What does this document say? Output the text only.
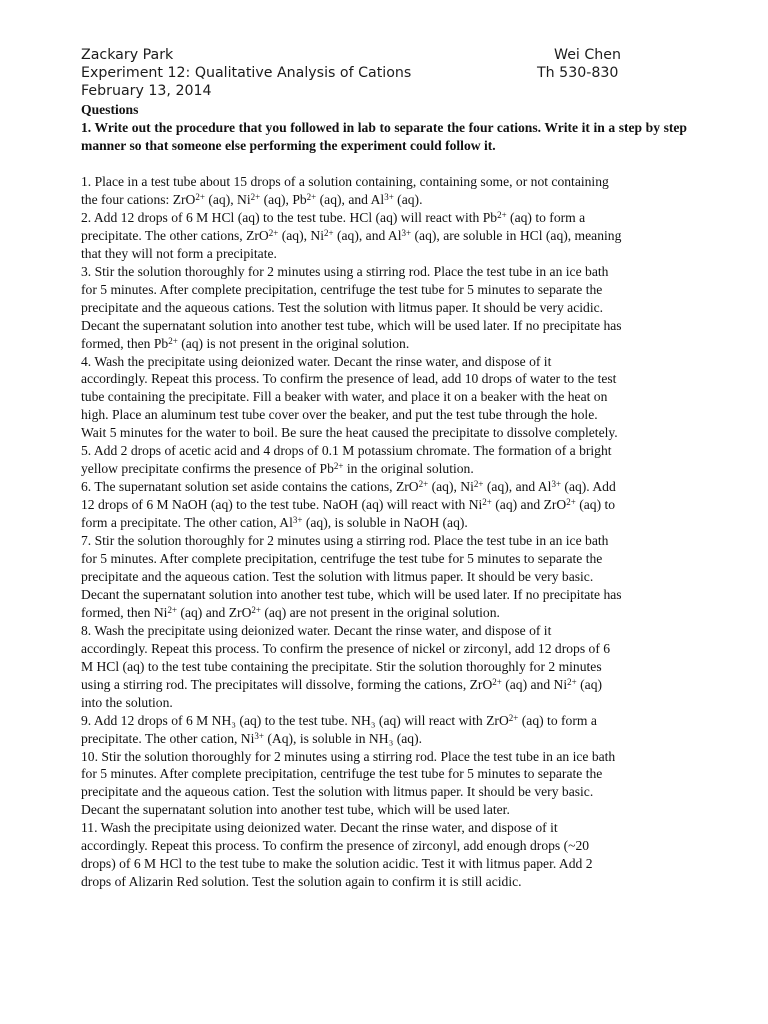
Zackary Park	Wei Chen
Experiment 12: Qualitative Analysis of Cations	Th 530-830
February 13, 2014
Questions
1. Write out the procedure that you followed in lab to separate the four cations. Write it in a step by step manner so that someone else performing the experiment could follow it.
1. Place in a test tube about 15 drops of a solution containing, containing some, or not containing
the four cations: ZrO$^{2+}$ (aq), $Ni^{2+}$ (aq), $Pb^{2+}$ (aq), and $Al^{3+}$ (aq).
2. Add 12 drops of 6 M HCl (aq) to the test tube. HCl (aq) will react with $Pb^{2+}$ (aq) to form a
precipitate. The other cations, ZrO$^{2+}$ (aq), $Ni^{2+}$ (aq), and $Al^{3+}$ (aq), are soluble in HCl (aq), meaning
that they will not form a precipitate.
3. Stir the solution thoroughly for 2 minutes using a stirring rod. Place the test tube in an ice bath
for 5 minutes. After complete precipitation, centrifuge the test tube for 5 minutes to separate the
precipitate and the aqueous cations. Test the solution with litmus paper. It should be very acidic.
Decant the supernatant solution into another test tube, which will be used later. If no precipitate has
formed, then $Pb^{2+}$ (aq) is not present in the original solution.
4. Wash the precipitate using deionized water. Decant the rinse water, and dispose of it
accordingly. Repeat this process. To confirm the presence of lead, add 10 drops of water to the test
tube containing the precipitate. Fill a beaker with water, and place it on a beaker with the heat on
high. Place an aluminum test tube cover over the beaker, and put the test tube through the hole.
Wait 5 minutes for the water to boil. Be sure the heat caused the precipitate to dissolve completely.
5. Add 2 drops of acetic acid and 4 drops of 0.1 M potassium chromate. The formation of a bright
yellow precipitate confirms the presence of $Pb^{2+}$ in the original solution.
6. The supernatant solution set aside contains the cations, ZrO$^{2+}$ (aq), $Ni^{2+}$ (aq), and $Al^{3+}$ (aq). Add
12 drops of 6 M NaOH (aq) to the test tube. NaOH (aq) will react with $Ni^{2+}$ (aq) and ZrO$^{2+}$ (aq) to
form a precipitate. The other cation, $Al^{3+}$ (aq), is soluble in NaOH (aq).
7. Stir the solution thoroughly for 2 minutes using a stirring rod. Place the test tube in an ice bath
for 5 minutes. After complete precipitation, centrifuge the test tube for 5 minutes to separate the
precipitate and the aqueous cation. Test the solution with litmus paper. It should be very basic.
Decant the supernatant solution into another test tube, which will be used later. If no precipitate has
formed, then $Ni^{2+}$ (aq) and ZrO$^{2+}$ (aq) are not present in the original solution.
8. Wash the precipitate using deionized water. Decant the rinse water, and dispose of it
accordingly. Repeat this process. To confirm the presence of nickel or zirconyl, add 12 drops of 6
M HCl (aq) to the test tube containing the precipitate. Stir the solution thoroughly for 2 minutes
using a stirring rod. The precipitates will dissolve, forming the cations, ZrO$^{2+}$ (aq) and $Ni^{2+}$ (aq)
into the solution.
9. Add 12 drops of 6 M NH₃ (aq) to the test tube. NH₃ (aq) will react with ZrO$^{2+}$ (aq) to form a
precipitate. The other cation, $Ni^{3+}$ (Aq), is soluble in NH₃ (aq).
10. Stir the solution thoroughly for 2 minutes using a stirring rod. Place the test tube in an ice bath
for 5 minutes. After complete precipitation, centrifuge the test tube for 5 minutes to separate the
precipitate and the aqueous cation. Test the solution with litmus paper. It should be very basic.
Decant the supernatant solution into another test tube, which will be used later.
11. Wash the precipitate using deionized water. Decant the rinse water, and dispose of it
accordingly. Repeat this process. To confirm the presence of zirconyl, add enough drops (~20
drops) of 6 M HCl to the test tube to make the solution acidic. Test it with litmus paper. Add 2
drops of Alizarin Red solution. Test the solution again to confirm it is still acidic.
